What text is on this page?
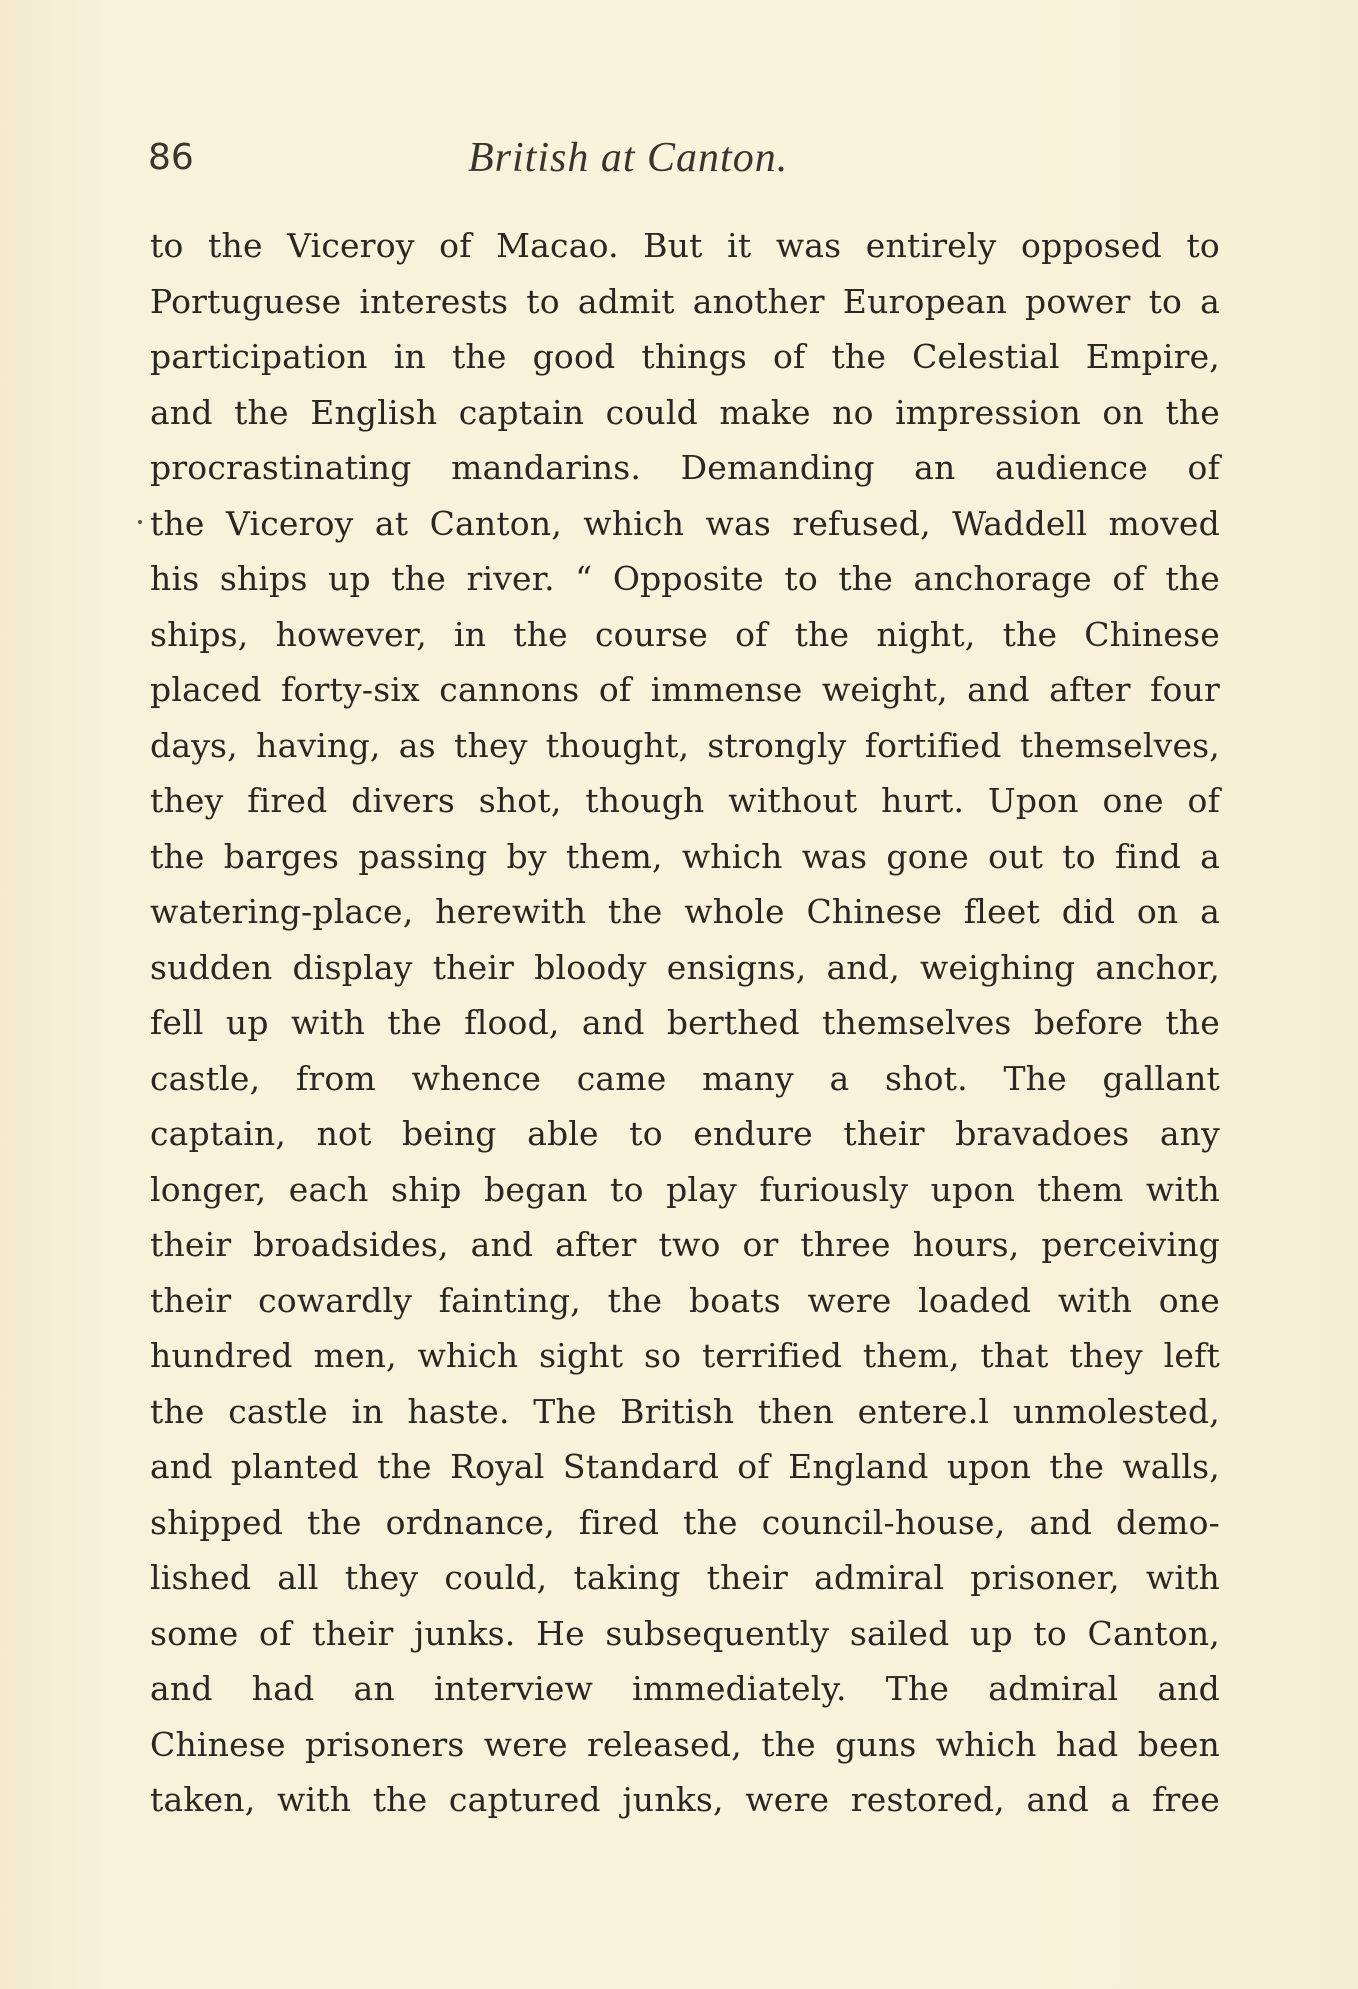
86	British at Canton.
to the Viceroy of Macao. But it was entirely opposed to
Portuguese interests to admit another European power to a
participation in the good things of the Celestial Empire,
and the English captain could make no impression on the
procrastinating mandarins. Demanding an audience of
the Viceroy at Canton, which was refused, Waddell moved
his ships up the river. “ Opposite to the anchorage of the
ships, however, in the course of the night, the Chinese
placed forty-six cannons of immense weight, and after four
days, having, as they thought, strongly fortified themselves,
they fired divers shot, though without hurt. Upon one of
the barges passing by them, which was gone out to find a
watering-place, herewith the whole Chinese fleet did on a
sudden display their bloody ensigns, and, weighing anchor,
fell up with the flood, and berthed themselves before the
castle, from whence came many a shot. The gallant
captain, not being able to endure their bravadoes any
longer, each ship began to play furiously upon them with
their broadsides, and after two or three hours, perceiving
their cowardly fainting, the boats were loaded with one
hundred men, which sight so terrified them, that they left
the castle in haste. The British then entere.l unmolested,
and planted the Royal Standard of England upon the walls,
shipped the ordnance, fired the council-house, and demo-
lished all they could, taking their admiral prisoner, with
some of their junks. He subsequently sailed up to Canton,
and had an interview immediately. The admiral and
Chinese prisoners were released, the guns which had been
taken, with the captured junks, were restored, and a free
